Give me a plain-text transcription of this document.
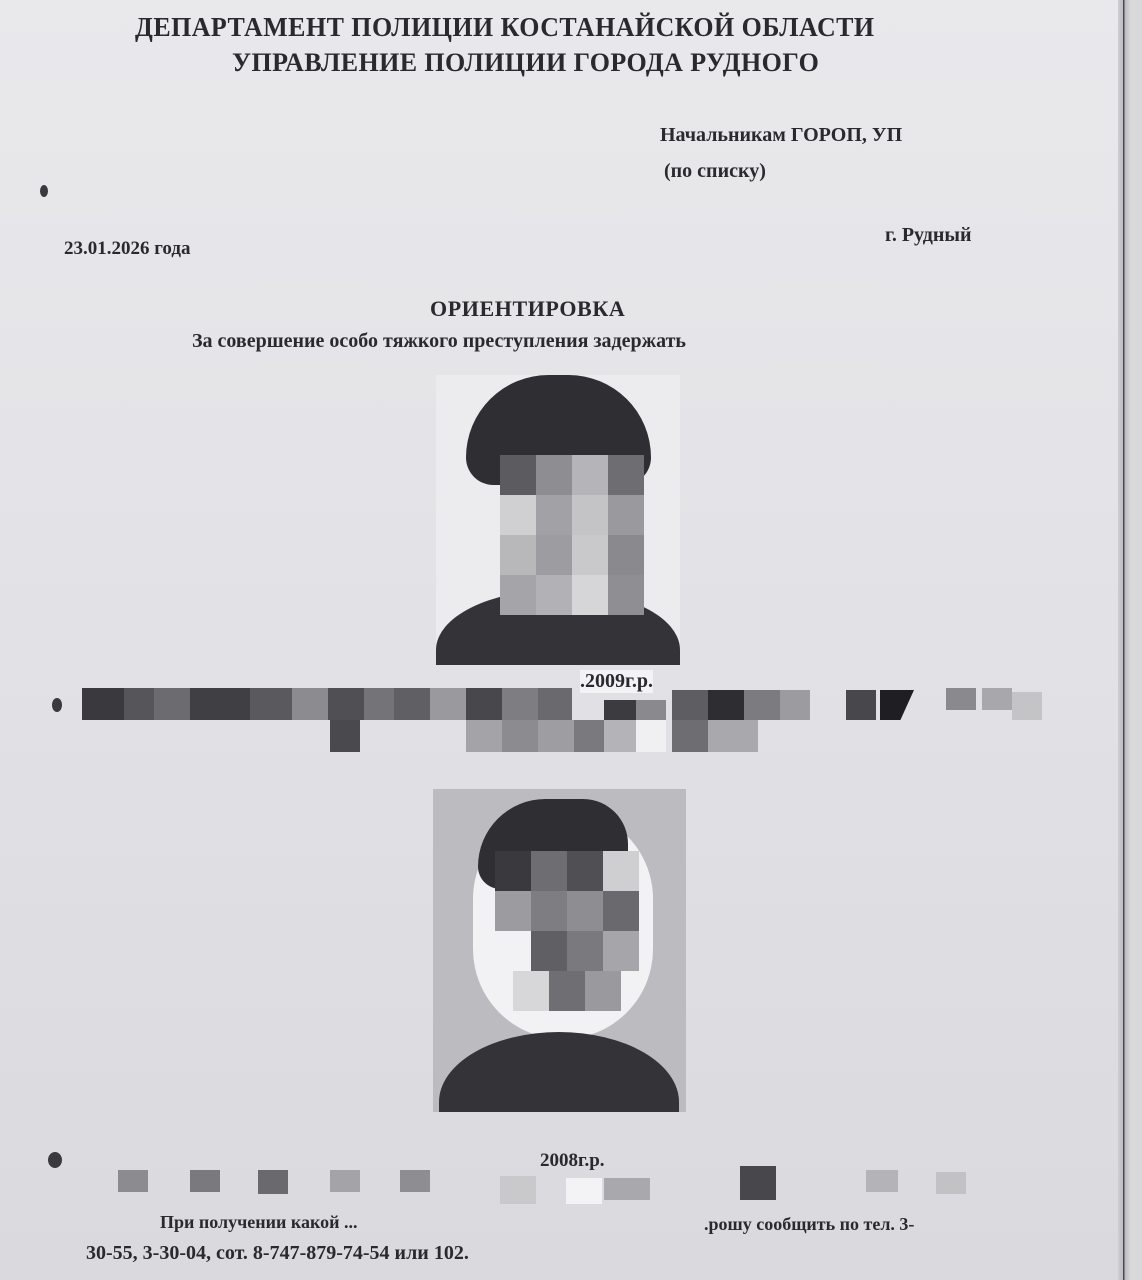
ДЕПАРТАМЕНТ ПОЛИЦИИ КОСТАНАЙСКОЙ ОБЛАСТИ
УПРАВЛЕНИЕ ПОЛИЦИИ ГОРОДА РУДНОГО
Начальникам ГОРОП, УП
(по списку)
23.01.2026 года
г. Рудный
ОРИЕНТИРОВКА
За совершение особо тяжкого преступления задержать
.2009г.р.
2008г.р.
При получении какой ...	.рошу сообщить по тел. 3-
30-55, 3-30-04, сот. 8-747-879-74-54 или 102.
